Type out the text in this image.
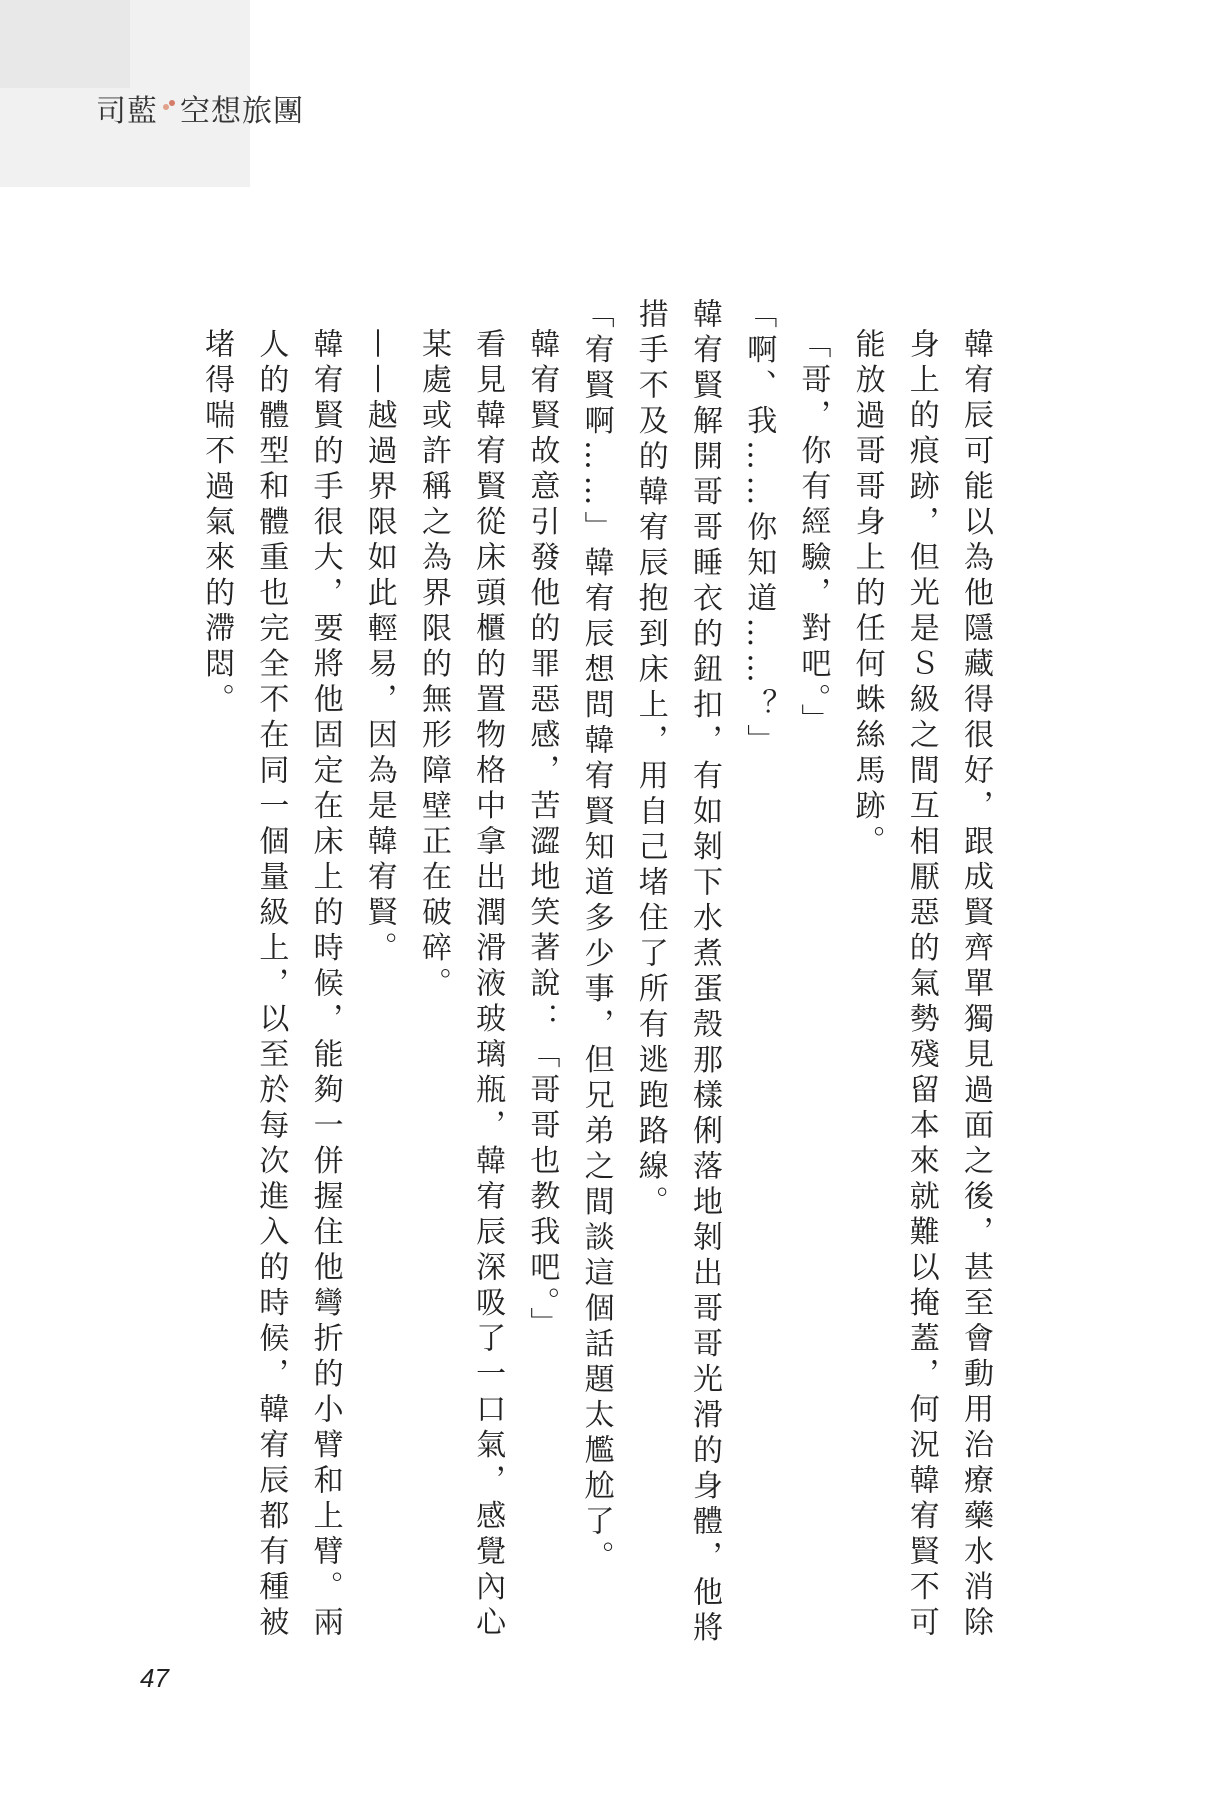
司藍 空想旅團

韓宥辰可能以為他隱藏得很好，跟成賢齊單獨見過面之後，甚至會動用治療藥水消除身上的痕跡，但光是Ｓ級之間互相厭惡的氣勢殘留本來就難以掩蓋，何況韓宥賢不可能放過哥哥身上的任何蛛絲馬跡。

「哥，你有經驗，對吧。」

「啊、我……你知道……？」

韓宥賢解開哥哥睡衣的鈕扣，有如剝下水煮蛋殼那樣俐落地剝出哥哥光滑的身體，他將措手不及的韓宥辰抱到床上，用自己堵住了所有逃跑路線。

「宥賢啊……」韓宥辰想問韓宥賢知道多少事，但兄弟之間談這個話題太尷尬了。

韓宥賢故意引發他的罪惡感，苦澀地笑著說：「哥哥也教我吧。」

看見韓宥賢從床頭櫃的置物格中拿出潤滑液玻璃瓶，韓宥辰深吸了一口氣，感覺內心某處或許稱之為界限的無形障壁正在破碎。

——越過界限如此輕易，因為是韓宥賢。

韓宥賢的手很大，要將他固定在床上的時候，能夠一併握住他彎折的小臂和上臂。兩人的體型和體重也完全不在同一個量級上，以至於每次進入的時候，韓宥辰都有種被堵得喘不過氣來的滯悶。

47
